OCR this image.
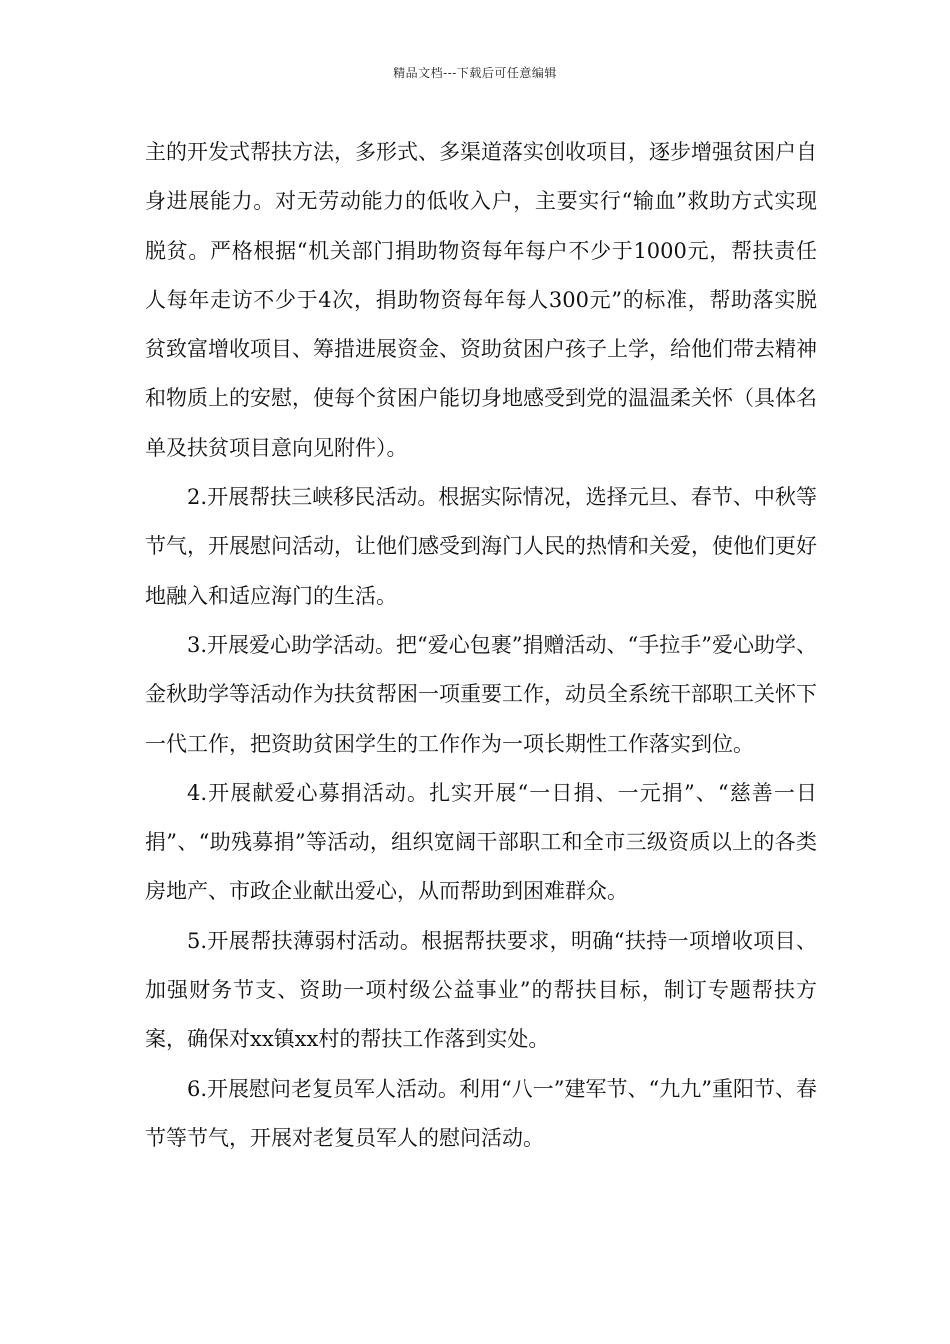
精品文档---下载后可任意编辑

主的开发式帮扶方法，多形式、多渠道落实创收项目，逐步增强贫困户自身进展能力。对无劳动能力的低收入户，主要实行“输血”救助方式实现脱贫。严格根据“机关部门捐助物资每年每户不少于1000元，帮扶责任人每年走访不少于4次，捐助物资每年每人300元”的标准，帮助落实脱贫致富增收项目、筹措进展资金、资助贫困户孩子上学，给他们带去精神和物质上的安慰，使每个贫困户能切身地感受到党的温温柔关怀（具体名单及扶贫项目意向见附件）。

2.开展帮扶三峡移民活动。根据实际情况，选择元旦、春节、中秋等节气，开展慰问活动，让他们感受到海门人民的热情和关爱，使他们更好地融入和适应海门的生活。

3.开展爱心助学活动。把“爱心包裹”捐赠活动、“手拉手”爱心助学、金秋助学等活动作为扶贫帮困一项重要工作，动员全系统干部职工关怀下一代工作，把资助贫困学生的工作作为一项长期性工作落实到位。

4.开展献爱心募捐活动。扎实开展“一日捐、一元捐”、“慈善一日捐”、“助残募捐”等活动，组织宽阔干部职工和全市三级资质以上的各类房地产、市政企业献出爱心，从而帮助到困难群众。

5.开展帮扶薄弱村活动。根据帮扶要求，明确“扶持一项增收项目、加强财务节支、资助一项村级公益事业”的帮扶目标，制订专题帮扶方案，确保对xx镇xx村的帮扶工作落到实处。

6.开展慰问老复员军人活动。利用“八一”建军节、“九九”重阳节、春节等节气，开展对老复员军人的慰问活动。
